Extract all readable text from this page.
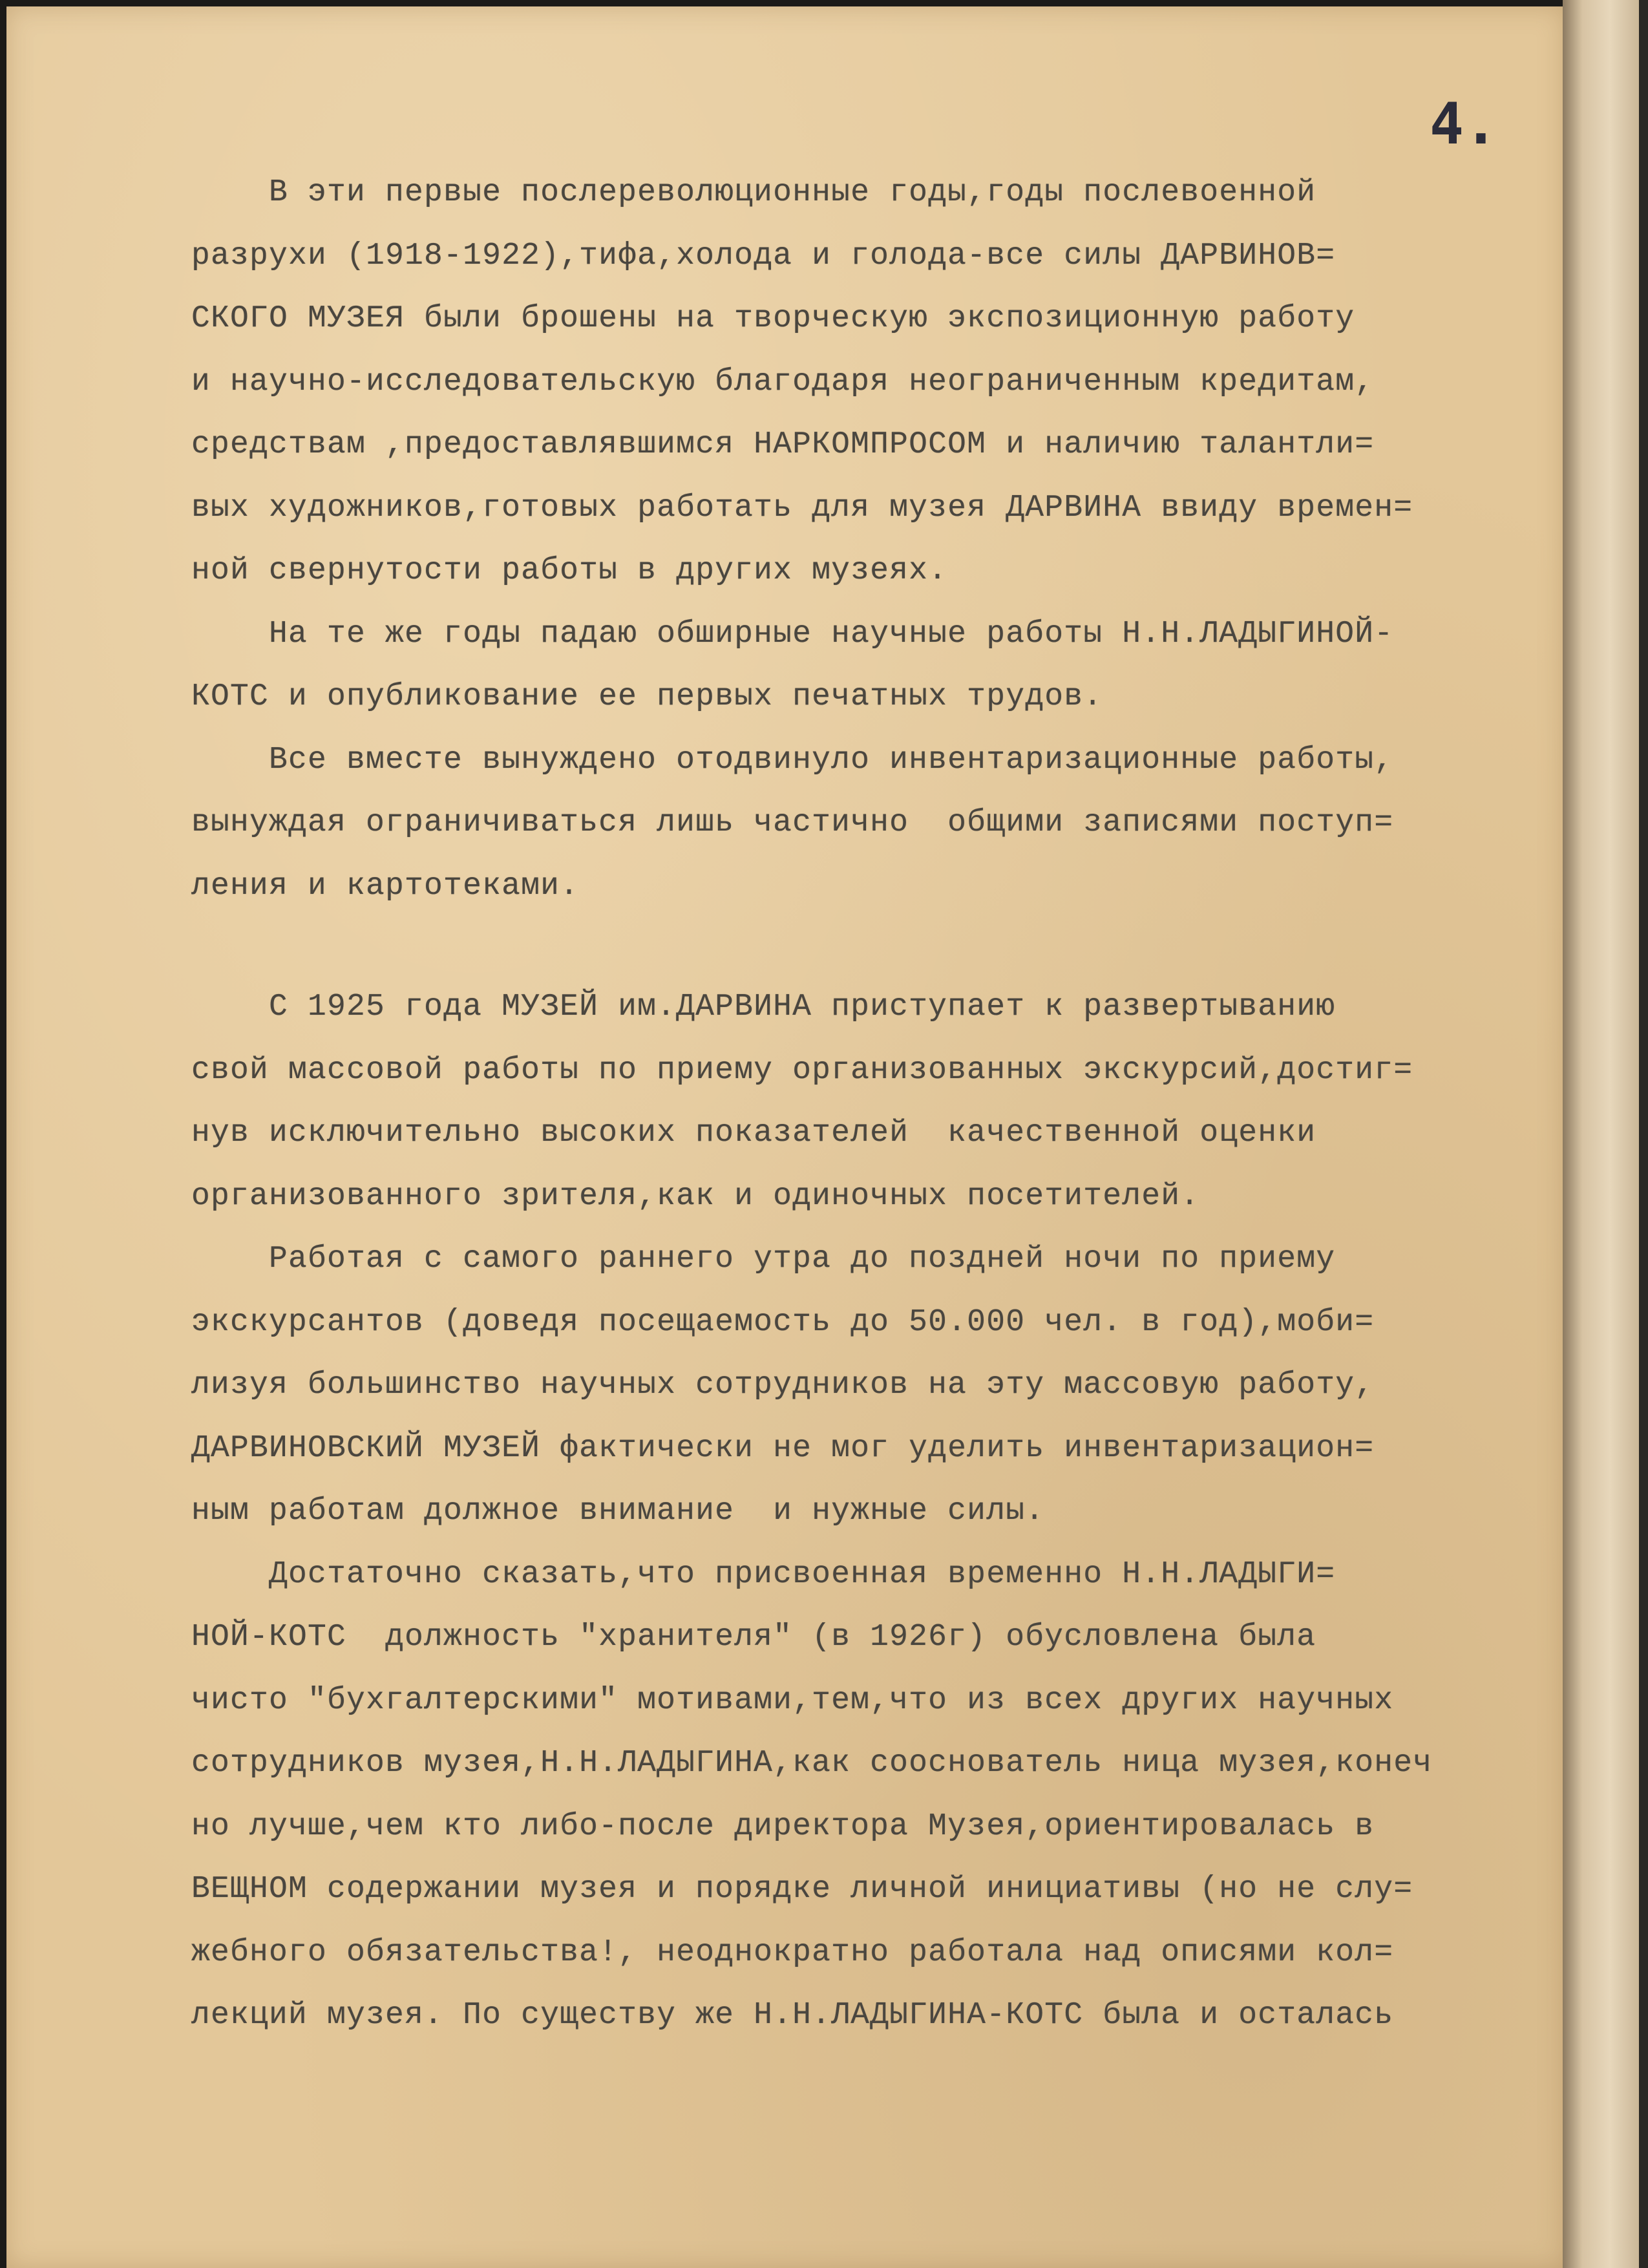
4.
В эти первые послереволюционные годы,годы послевоенной
разрухи (1918-1922),тифа,холода и голода-все силы ДАРВИНОВ=
СКОГО МУЗЕЯ были брошены на творческую экспозиционную работу
и научно-исследовательскую благодаря неограниченным кредитам,
средствам ,предоставлявшимся НАРКОМПРОСОМ и наличию талантли=
вых художников,готовых работать для музея ДАРВИНА ввиду времен=
ной свернутости работы в других музеях.
На те же годы падаю обширные научные работы Н.Н.ЛАДЫГИНОЙ-
КОТС и опубликование ее первых печатных трудов.
Все вместе вынуждено отодвинуло инвентаризационные работы,
вынуждая ограничиваться лишь частично  общими записями поступ=
ления и картотеками.
С 1925 года МУЗЕЙ им.ДАРВИНА приступает к развертыванию
свой массовой работы по приему организованных экскурсий,достиг=
нув исключительно высоких показателей  качественной оценки
организованного зрителя,как и одиночных посетителей.
Работая с самого раннего утра до поздней ночи по приему
экскурсантов (доведя посещаемость до 50.000 чел. в год),моби=
лизуя большинство научных сотрудников на эту массовую работу,
ДАРВИНОВСКИЙ МУЗЕЙ фактически не мог уделить инвентаризацион=
ным работам должное внимание  и нужные силы.
Достаточно сказать,что присвоенная временно Н.Н.ЛАДЫГИ=
НОЙ-КОТС  должность "хранителя" (в 1926г) обусловлена была
чисто "бухгалтерскими" мотивами,тем,что из всех других научных
сотрудников музея,Н.Н.ЛАДЫГИНА,как сооснователь ница музея,конеч
но лучше,чем кто либо-после директора Музея,ориентировалась в
ВЕЩНОМ содержании музея и порядке личной инициативы (но не слу=
жебного обязательства!, неоднократно работала над описями кол=
лекций музея. По существу же Н.Н.ЛАДЫГИНА-КОТС была и осталась
